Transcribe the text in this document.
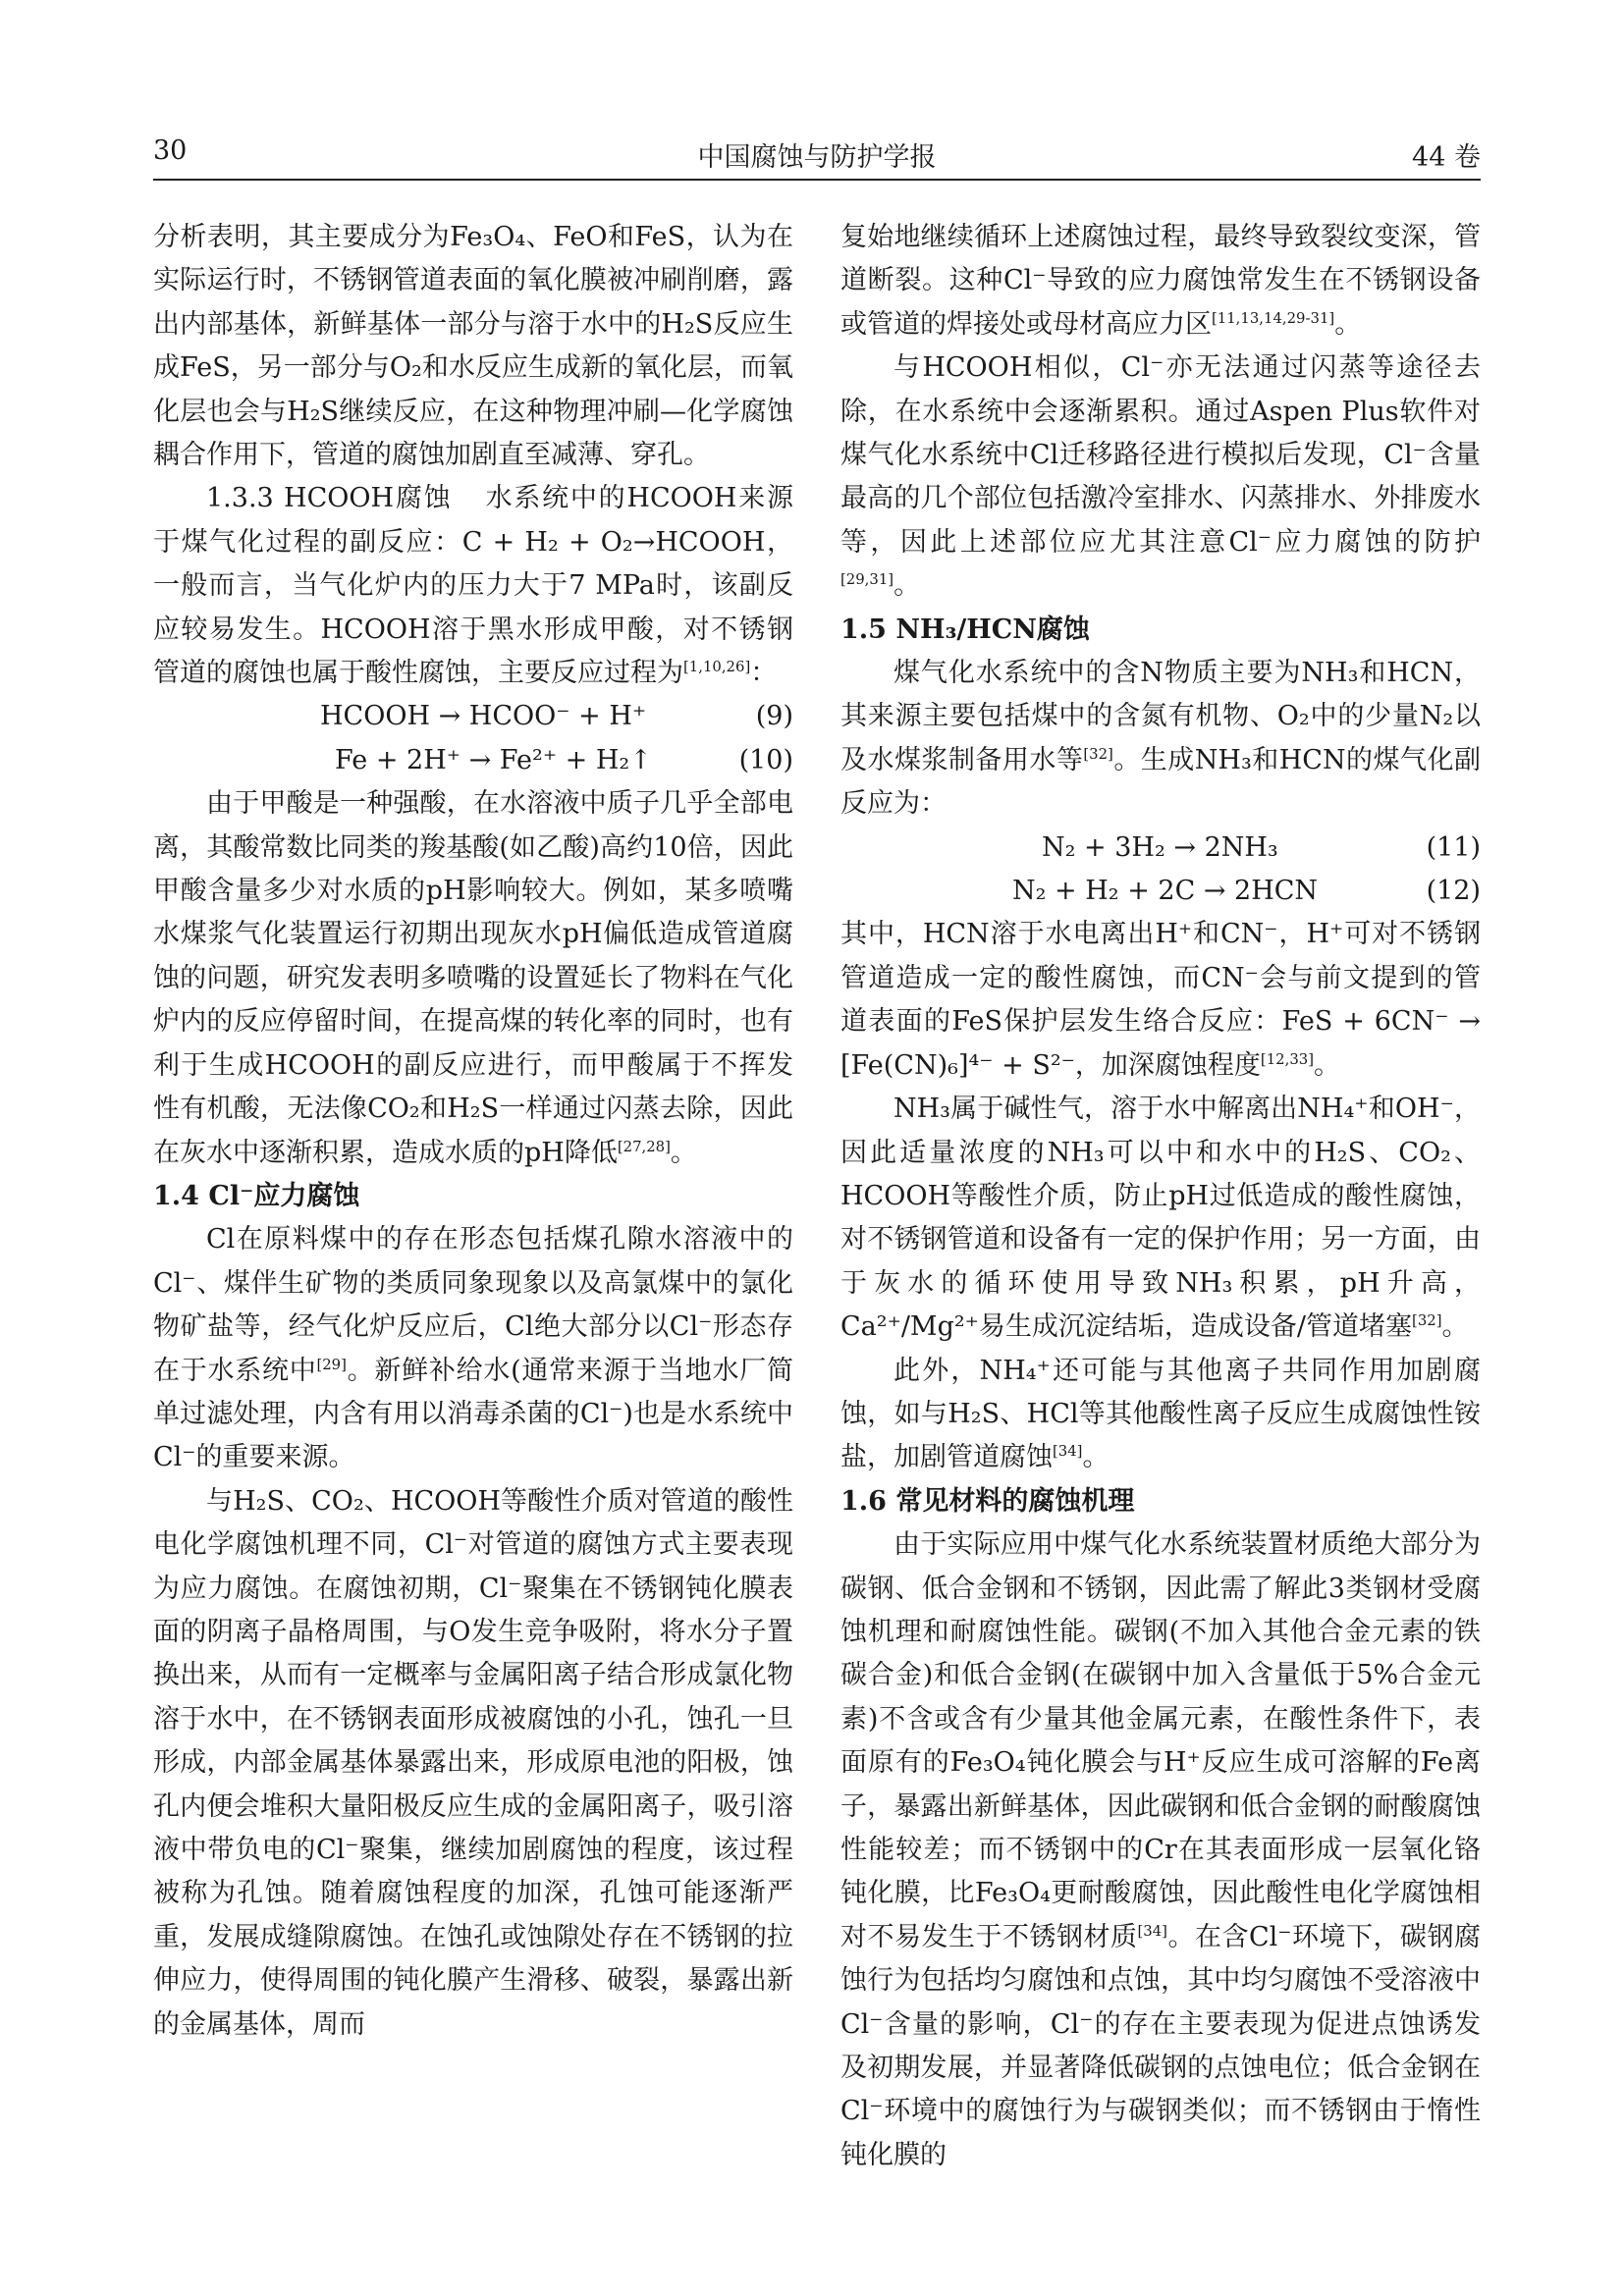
30	中国腐蚀与防护学报	44 卷

分析表明，其主要成分为Fe₃O₄、FeO和FeS，认为在实际运行时，不锈钢管道表面的氧化膜被冲刷削磨，露出内部基体，新鲜基体一部分与溶于水中的H₂S反应生成FeS，另一部分与O₂和水反应生成新的氧化层，而氧化层也会与H₂S继续反应，在这种物理冲刷—化学腐蚀耦合作用下，管道的腐蚀加剧直至减薄、穿孔。

1.3.3 HCOOH腐蚀 水系统中的HCOOH来源于煤气化过程的副反应：C + H₂ + O₂→HCOOH，一般而言，当气化炉内的压力大于7 MPa时，该副反应较易发生。HCOOH溶于黑水形成甲酸，对不锈钢管道的腐蚀也属于酸性腐蚀，主要反应过程为[1,10,26]：

HCOOH → HCOO⁻ + H⁺	(9)
Fe + 2H⁺ → Fe²⁺ + H₂↑	(10)

由于甲酸是一种强酸，在水溶液中质子几乎全部电离，其酸常数比同类的羧基酸(如乙酸)高约10倍，因此甲酸含量多少对水质的pH影响较大。例如，某多喷嘴水煤浆气化装置运行初期出现灰水pH偏低造成管道腐蚀的问题，研究发表明多喷嘴的设置延长了物料在气化炉内的反应停留时间，在提高煤的转化率的同时，也有利于生成HCOOH的副反应进行，而甲酸属于不挥发性有机酸，无法像CO₂和H₂S一样通过闪蒸去除，因此在灰水中逐渐积累，造成水质的pH降低[27,28]。

1.4 Cl⁻应力腐蚀

Cl在原料煤中的存在形态包括煤孔隙水溶液中的Cl⁻、煤伴生矿物的类质同象现象以及高氯煤中的氯化物矿盐等，经气化炉反应后，Cl绝大部分以Cl⁻形态存在于水系统中[29]。新鲜补给水(通常来源于当地水厂简单过滤处理，内含有用以消毒杀菌的Cl⁻)也是水系统中Cl⁻的重要来源。

与H₂S、CO₂、HCOOH等酸性介质对管道的酸性电化学腐蚀机理不同，Cl⁻对管道的腐蚀方式主要表现为应力腐蚀。在腐蚀初期，Cl⁻聚集在不锈钢钝化膜表面的阴离子晶格周围，与O发生竞争吸附，将水分子置换出来，从而有一定概率与金属阳离子结合形成氯化物溶于水中，在不锈钢表面形成被腐蚀的小孔，蚀孔一旦形成，内部金属基体暴露出来，形成原电池的阳极，蚀孔内便会堆积大量阳极反应生成的金属阳离子，吸引溶液中带负电的Cl⁻聚集，继续加剧腐蚀的程度，该过程被称为孔蚀。随着腐蚀程度的加深，孔蚀可能逐渐严重，发展成缝隙腐蚀。在蚀孔或蚀隙处存在不锈钢的拉伸应力，使得周围的钝化膜产生滑移、破裂，暴露出新的金属基体，周而

复始地继续循环上述腐蚀过程，最终导致裂纹变深，管道断裂。这种Cl⁻导致的应力腐蚀常发生在不锈钢设备或管道的焊接处或母材高应力区[11,13,14,29-31]。

与HCOOH相似，Cl⁻亦无法通过闪蒸等途径去除，在水系统中会逐渐累积。通过Aspen Plus软件对煤气化水系统中Cl迁移路径进行模拟后发现，Cl⁻含量最高的几个部位包括激冷室排水、闪蒸排水、外排废水等，因此上述部位应尤其注意Cl⁻应力腐蚀的防护[29,31]。

1.5 NH₃/HCN腐蚀

煤气化水系统中的含N物质主要为NH₃和HCN，其来源主要包括煤中的含氮有机物、O₂中的少量N₂以及水煤浆制备用水等[32]。生成NH₃和HCN的煤气化副反应为：

N₂ + 3H₂ → 2NH₃	(11)
N₂ + H₂ + 2C → 2HCN	(12)

其中，HCN溶于水电离出H⁺和CN⁻，H⁺可对不锈钢管道造成一定的酸性腐蚀，而CN⁻会与前文提到的管道表面的FeS保护层发生络合反应：FeS + 6CN⁻ → [Fe(CN)₆]⁴⁻ + S²⁻，加深腐蚀程度[12,33]。

NH₃属于碱性气，溶于水中解离出NH₄⁺和OH⁻，因此适量浓度的NH₃可以中和水中的H₂S、CO₂、HCOOH等酸性介质，防止pH过低造成的酸性腐蚀，对不锈钢管道和设备有一定的保护作用；另一方面，由于灰水的循环使用导致NH₃积累，pH升高，Ca²⁺/Mg²⁺易生成沉淀结垢，造成设备/管道堵塞[32]。

此外，NH₄⁺还可能与其他离子共同作用加剧腐蚀，如与H₂S、HCl等其他酸性离子反应生成腐蚀性铵盐，加剧管道腐蚀[34]。

1.6 常见材料的腐蚀机理

由于实际应用中煤气化水系统装置材质绝大部分为碳钢、低合金钢和不锈钢，因此需了解此3类钢材受腐蚀机理和耐腐蚀性能。碳钢(不加入其他合金元素的铁碳合金)和低合金钢(在碳钢中加入含量低于5%合金元素)不含或含有少量其他金属元素，在酸性条件下，表面原有的Fe₃O₄钝化膜会与H⁺反应生成可溶解的Fe离子，暴露出新鲜基体，因此碳钢和低合金钢的耐酸腐蚀性能较差；而不锈钢中的Cr在其表面形成一层氧化铬钝化膜，比Fe₃O₄更耐酸腐蚀，因此酸性电化学腐蚀相对不易发生于不锈钢材质[34]。在含Cl⁻环境下，碳钢腐蚀行为包括均匀腐蚀和点蚀，其中均匀腐蚀不受溶液中Cl⁻含量的影响，Cl⁻的存在主要表现为促进点蚀诱发及初期发展，并显著降低碳钢的点蚀电位；低合金钢在Cl⁻环境中的腐蚀行为与碳钢类似；而不锈钢由于惰性钝化膜的
